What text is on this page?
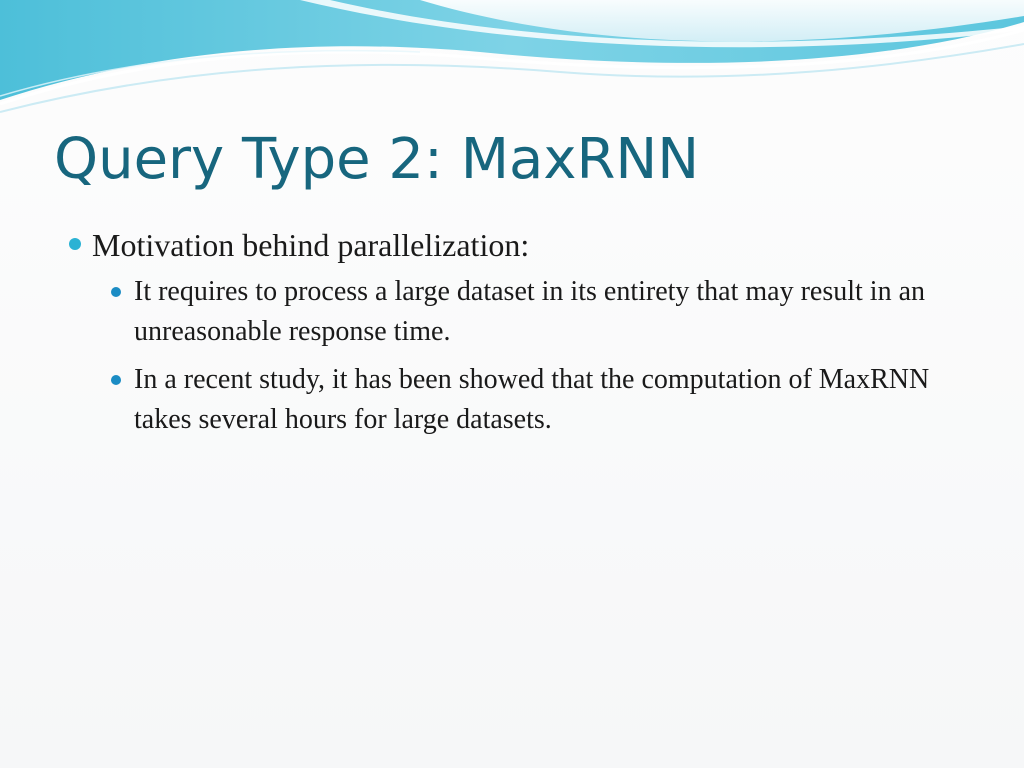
Query Type 2: MaxRNN
Motivation behind parallelization:
It requires to process a large dataset in its entirety that may result in an unreasonable response time.
In a recent study, it has been showed that the computation of MaxRNN takes several hours for large datasets.
